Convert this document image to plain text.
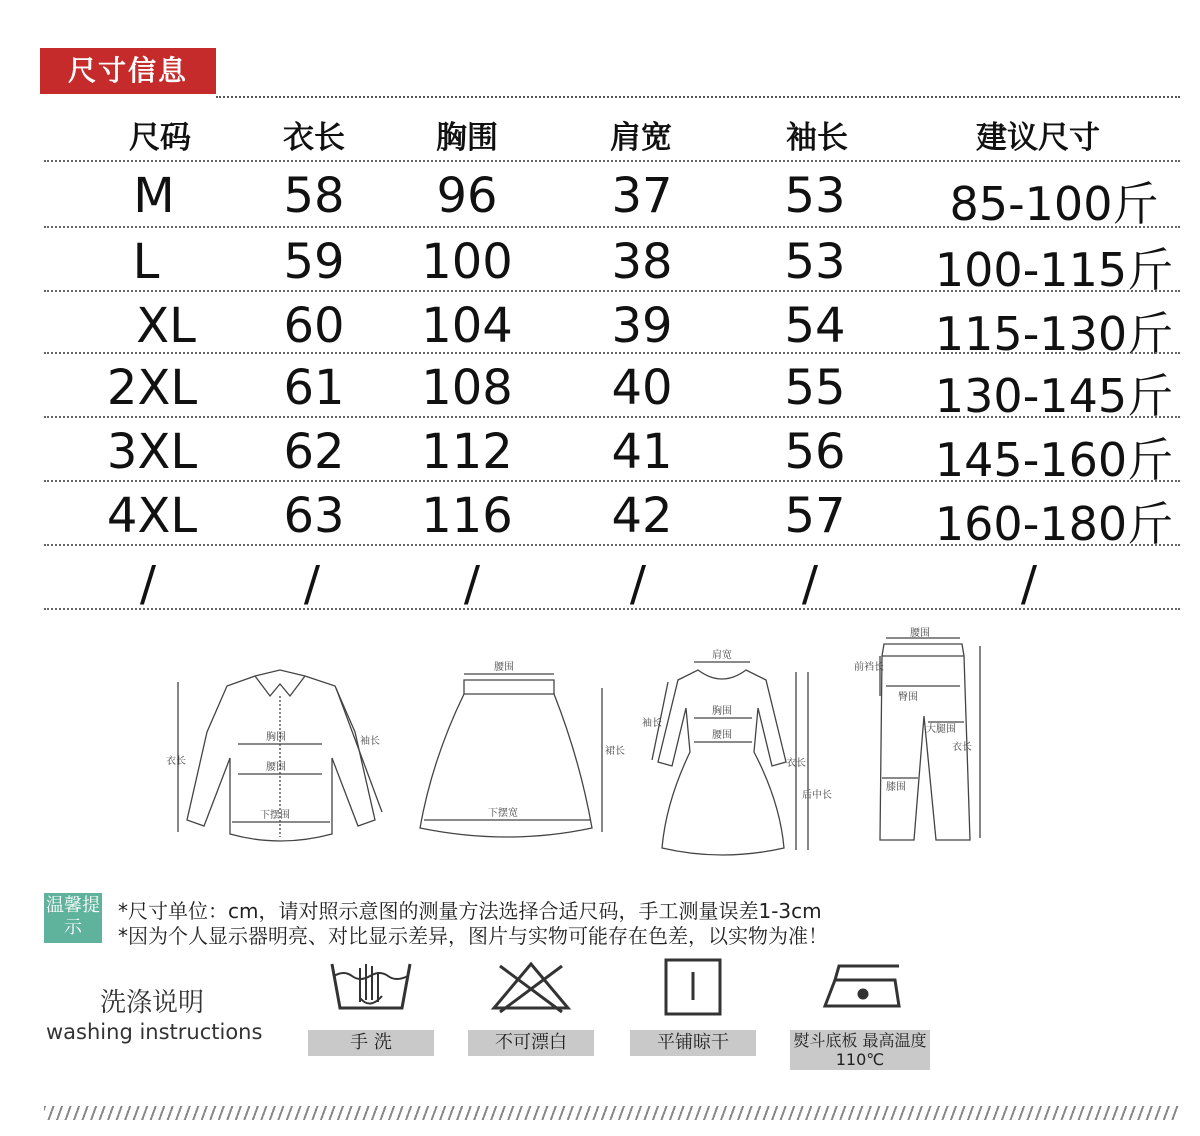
尺寸信息
尺码	衣长	胸围	肩宽	袖长	建议尺寸
M 58 96 37 53 85-100斤
L	59 100 38 53 100-115斤
XL 60 104 39 54 115-130斤
2XL 61 108 40 55 130-145斤
3XL 62 112 41 56 145-160斤
4XL 63 116 42 57 160-180斤
/	/	/	/	/	/
衣长
胸围
腰围
下摆围
袖长
腰围
裙长
下摆宽
肩宽
袖长
胸围
腰围
衣长
后中长
腰围
前裆长
臀围
大腿围
衣长
膝围
温馨提示
*尺寸单位：cm，请对照示意图的测量方法选择合适尺码，手工测量误差1-3cm
*因为个人显示器明亮、对比显示差异，图片与实物可能存在色差，以实物为准！
洗涤说明
washing instructions	手 洗	不可漂白	平铺晾干	熨斗底板 最高温度110℃
